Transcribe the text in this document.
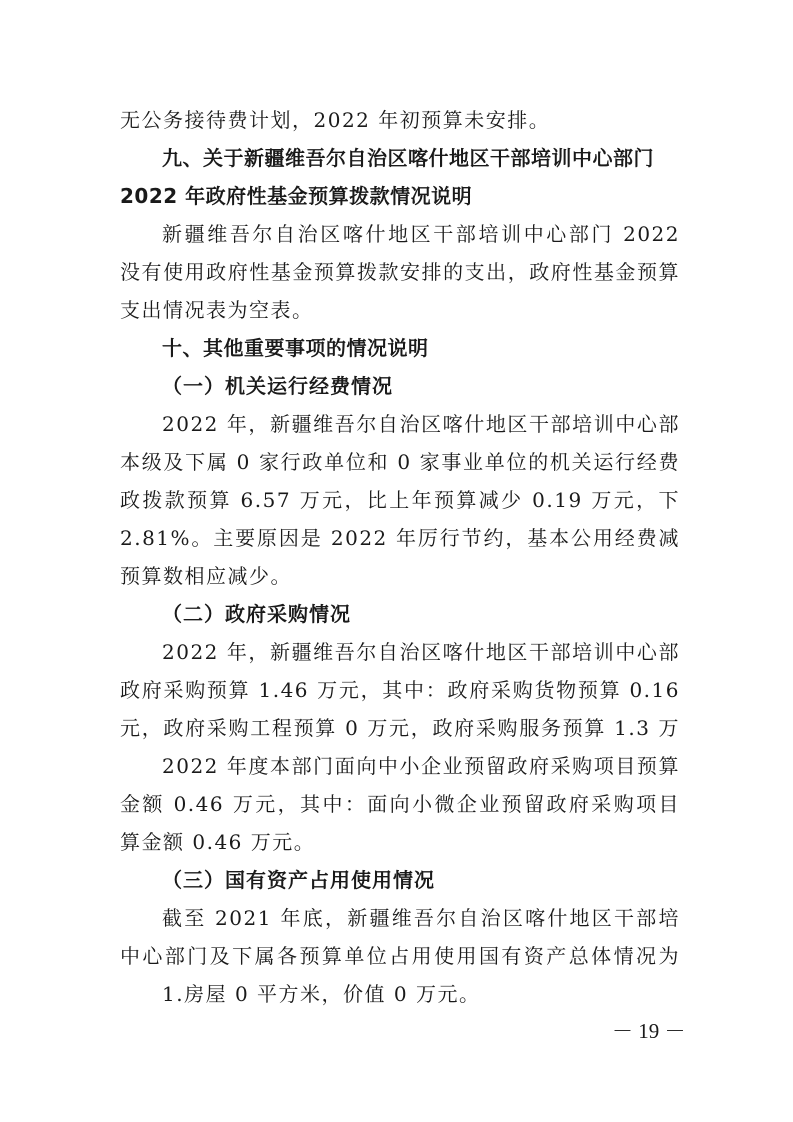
无公务接待费计划，2022 年初预算未安排。
九、关于新疆维吾尔自治区喀什地区干部培训中心部门
2022 年政府性基金预算拨款情况说明
新疆维吾尔自治区喀什地区干部培训中心部门 2022
没有使用政府性基金预算拨款安排的支出，政府性基金预算
支出情况表为空表。
十、其他重要事项的情况说明
（一）机关运行经费情况
2022 年，新疆维吾尔自治区喀什地区干部培训中心部
本级及下属 0 家行政单位和 0 家事业单位的机关运行经费
政拨款预算 6.57 万元，比上年预算减少 0.19 万元，下
2.81%。主要原因是 2022 年厉行节约，基本公用经费减
预算数相应减少。
（二）政府采购情况
2022 年，新疆维吾尔自治区喀什地区干部培训中心部
政府采购预算 1.46 万元，其中：政府采购货物预算 0.16
元，政府采购工程预算 0 万元，政府采购服务预算 1.3 万
2022 年度本部门面向中小企业预留政府采购项目预算
金额 0.46 万元，其中：面向小微企业预留政府采购项目
算金额 0.46 万元。
（三）国有资产占用使用情况
截至 2021 年底，新疆维吾尔自治区喀什地区干部培
中心部门及下属各预算单位占用使用国有资产总体情况为
1.房屋 0 平方米，价值 0 万元。
－ 19 －
